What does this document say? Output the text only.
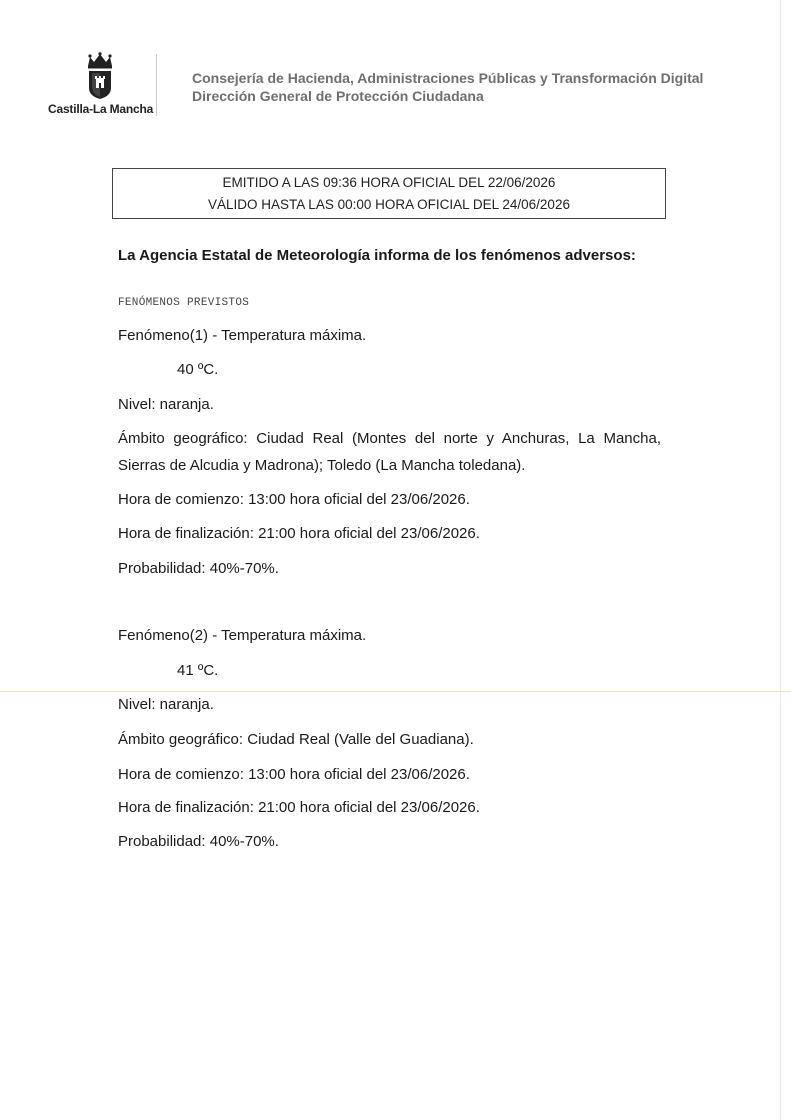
Castilla-La Mancha
Consejería de Hacienda, Administraciones Públicas y Transformación Digital
Dirección General de Protección Ciudadana
EMITIDO A LAS 09:36 HORA OFICIAL DEL 22/06/2026
VÁLIDO HASTA LAS 00:00 HORA OFICIAL DEL 24/06/2026
La Agencia Estatal de Meteorología informa de los fenómenos adversos:
FENÓMENOS PREVISTOS
Fenómeno(1) - Temperatura máxima.
40 ºC.
Nivel: naranja.
Ámbito geográfico: Ciudad Real (Montes del norte y Anchuras, La Mancha, Sierras de Alcudia y Madrona); Toledo (La Mancha toledana).
Hora de comienzo: 13:00 hora oficial del 23/06/2026.
Hora de finalización: 21:00 hora oficial del 23/06/2026.
Probabilidad: 40%-70%.
Fenómeno(2) - Temperatura máxima.
41 ºC.
Nivel: naranja.
Ámbito geográfico: Ciudad Real (Valle del Guadiana).
Hora de comienzo: 13:00 hora oficial del 23/06/2026.
Hora de finalización: 21:00 hora oficial del 23/06/2026.
Probabilidad: 40%-70%.
